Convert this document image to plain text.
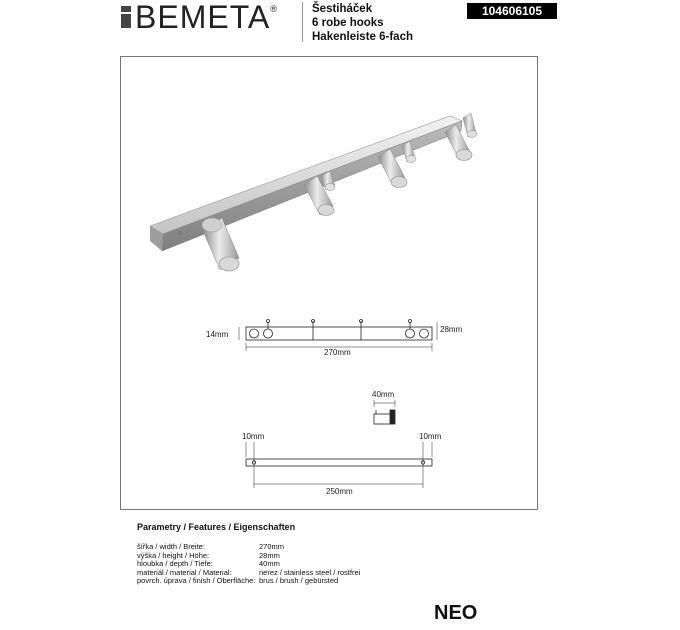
BEMETA ®	Šestiháček
6 robe hooks
Hakenleiste 6-fach
104606105
14mm
28mm
270mm
40mm
10mm	10mm
250mm
Parametry / Features / Eigenschaften
šířka / width / Breite:	270mm
výška / height / Höhe:	28mm
hloubka / depth / Tiefe:	40mm
materiál / material / Material:	nerez / stainless steel / rostfrei
povrch. úprava / finish / Oberfläche: brus / brush / gebürsted
NEO
